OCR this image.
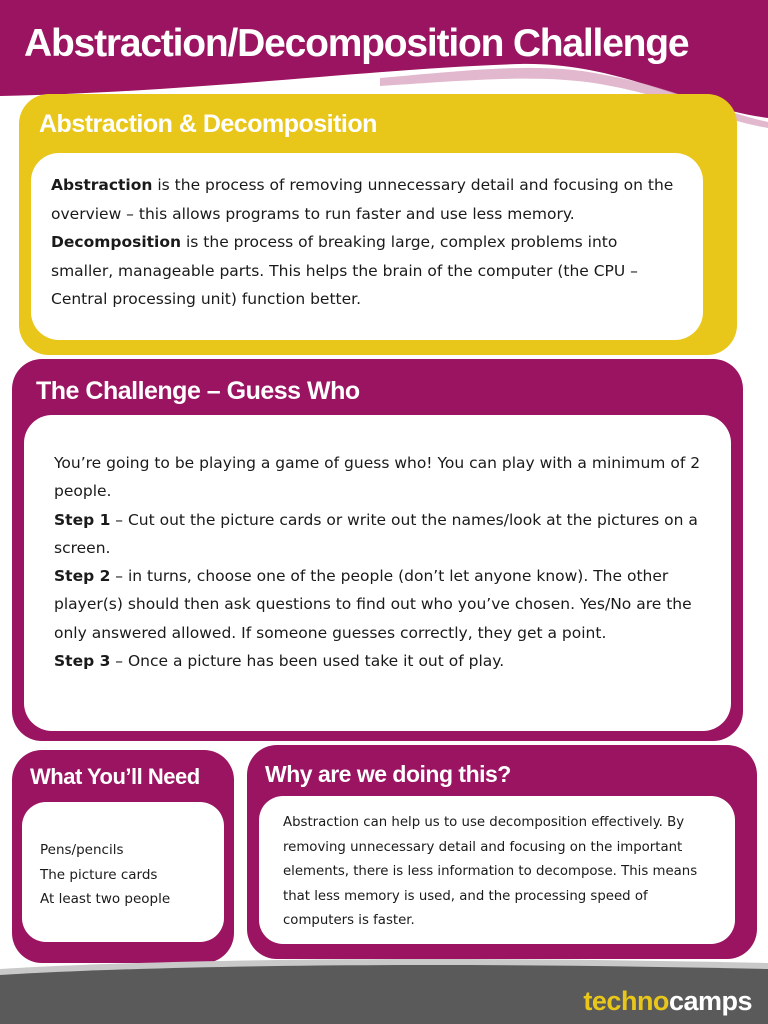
Abstraction/Decomposition Challenge
Abstraction & Decomposition

Abstraction is the process of removing unnecessary detail and focusing on the overview – this allows programs to run faster and use less memory.
Decomposition is the process of breaking large, complex problems into smaller, manageable parts. This helps the brain of the computer (the CPU – Central processing unit) function better.

The Challenge – Guess Who

You’re going to be playing a game of guess who! You can play with a minimum of 2 people.
Step 1 – Cut out the picture cards or write out the names/look at the pictures on a screen.
Step 2 – in turns, choose one of the people (don’t let anyone know). The other player(s) should then ask questions to find out who you’ve chosen. Yes/No are the only answered allowed. If someone guesses correctly, they get a point.
Step 3 – Once a picture has been used take it out of play.

What You’ll Need
Pens/pencils
The picture cards
At least two people
Why are we doing this?

Abstraction can help us to use decomposition effectively. By removing unnecessary detail and focusing on the important elements, there is less information to decompose. This means that less memory is used, and the processing speed of computers is faster.

technocamps
